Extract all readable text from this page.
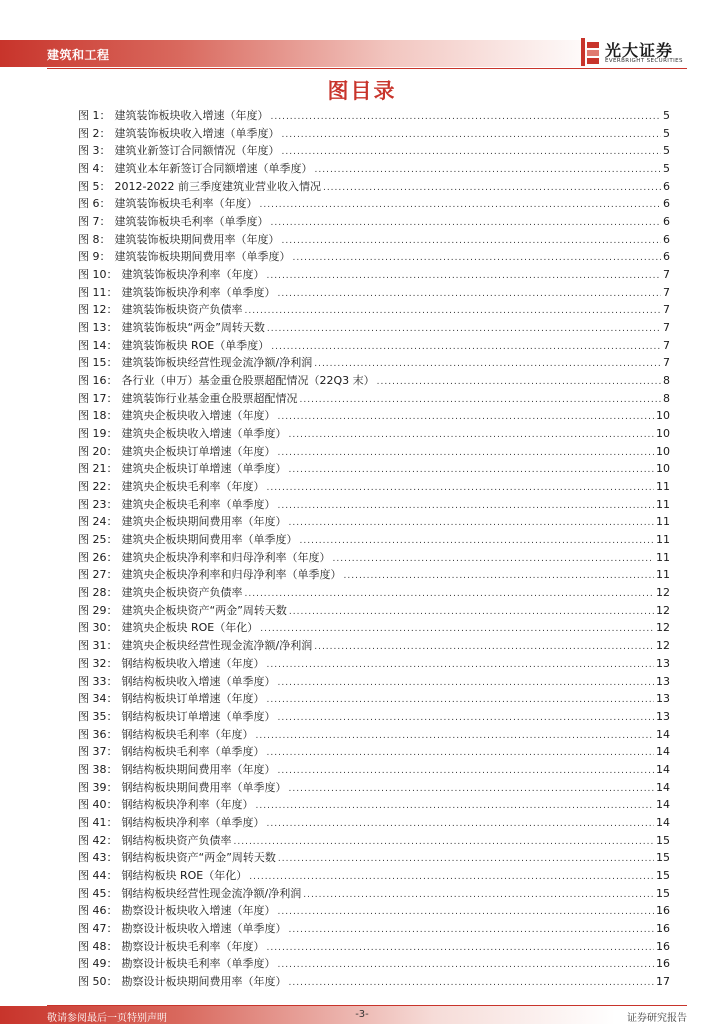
建筑和工程	光大证券
EVERBRIGHT SECURITIES
图目录
图 1： 建筑装饰板块收入增速（年度） .....	5
图 2： 建筑装饰板块收入增速（单季度） .....	5
图 3： 建筑业新签订合同额情况（年度） .....	5
图 4： 建筑业本年新签订合同额增速（单季度） .....	5
图 5： 2012-2022 前三季度建筑业营业收入情况 .....	6
图 6： 建筑装饰板块毛利率（年度） .....	6
图 7： 建筑装饰板块毛利率（单季度） .....	6
图 8： 建筑装饰板块期间费用率（年度） .....	6
图 9： 建筑装饰板块期间费用率（单季度） .....	6
图 10： 建筑装饰板块净利率（年度） .....	7
图 11： 建筑装饰板块净利率（单季度） .....	7
图 12： 建筑装饰板块资产负债率 .....	7
图 13： 建筑装饰板块“两金”周转天数 .....	7
图 14： 建筑装饰板块 ROE（单季度） .....	7
图 15： 建筑装饰板块经营性现金流净额/净利润 .....	7
图 16： 各行业（申万）基金重仓股票超配情况（22Q3 末） .....	8
图 17： 建筑装饰行业基金重仓股票超配情况 .....	8
图 18： 建筑央企板块收入增速（年度） .....	10
图 19： 建筑央企板块收入增速（单季度） .....	10
图 20： 建筑央企板块订单增速（年度） .....	10
图 21： 建筑央企板块订单增速（单季度） .....	10
图 22： 建筑央企板块毛利率（年度） .....	11
图 23： 建筑央企板块毛利率（单季度） .....	11
图 24： 建筑央企板块期间费用率（年度） .....	11
图 25： 建筑央企板块期间费用率（单季度） .....	11
图 26： 建筑央企板块净利率和归母净利率（年度） .....	11
图 27： 建筑央企板块净利率和归母净利率（单季度） .....	11
图 28： 建筑央企板块资产负债率 .....	12
图 29： 建筑央企板块资产“两金”周转天数 .....	12
图 30： 建筑央企板块 ROE（年化） .....	12
图 31： 建筑央企板块经营性现金流净额/净利润 .....	12
图 32： 钢结构板块收入增速（年度） .....	13
图 33： 钢结构板块收入增速（单季度） .....	13
图 34： 钢结构板块订单增速（年度） .....	13
图 35： 钢结构板块订单增速（单季度） .....	13
图 36： 钢结构板块毛利率（年度） .....	14
图 37： 钢结构板块毛利率（单季度） .....	14
图 38： 钢结构板块期间费用率（年度） .....	14
图 39： 钢结构板块期间费用率（单季度） .....	14
图 40： 钢结构板块净利率（年度） .....	14
图 41： 钢结构板块净利率（单季度） .....	14
图 42： 钢结构板块资产负债率 .....	15
图 43： 钢结构板块资产“两金”周转天数 .....	15
图 44： 钢结构板块 ROE（年化） .....	15
图 45： 钢结构板块经营性现金流净额/净利润 .....	15
图 46： 勘察设计板块收入增速（年度） .....	16
图 47： 勘察设计板块收入增速（单季度） .....	16
图 48： 勘察设计板块毛利率（年度） .....	16
图 49： 勘察设计板块毛利率（单季度） .....	16
图 50： 勘察设计板块期间费用率（年度） .....	17
敬请参阅最后一页特别声明	-3-	证券研究报告
